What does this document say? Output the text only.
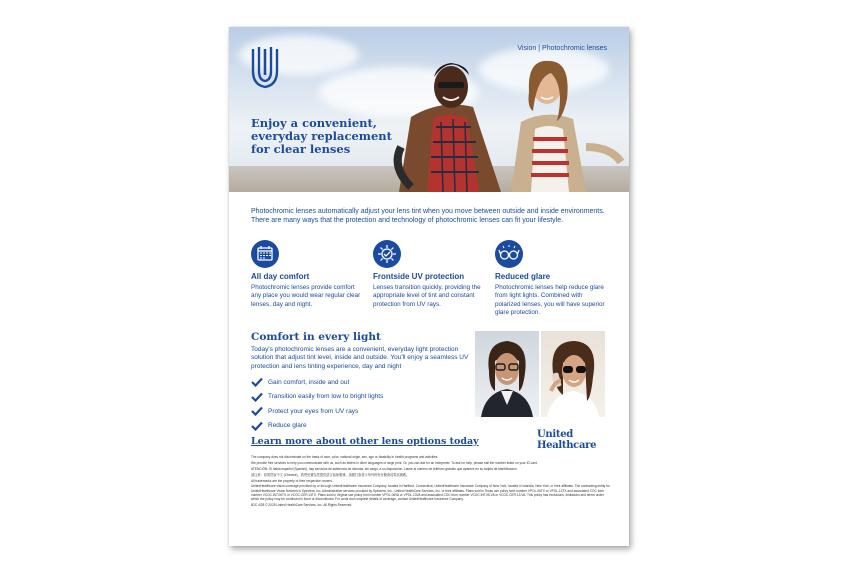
Vision | Photochromic lenses
Enjoy a convenient, everyday replacement for clear lenses
Photochromic lenses automatically adjust your lens tint when you move between outside and inside environments. There are many ways that the protection and technology of photochromic lenses can fit your lifestyle.
All day comfort

Photochromic lenses provide comfort any place you would wear regular clear lenses, day and night.

Frontside UV protection

Lenses transition quickly, providing the appropriate level of tint and constant protection from UV rays.

Reduced glare

Photochromic lenses help reduce glare from light lights. Combined with polarized lenses, you will have superior glare protection.

Comfort in every light
Today's photochromic lenses are a convenient, everyday light protection solution that adjust tint level, inside and outside. You'll enjoy a seamless UV protection and lens tinting experience, day and night
Gain comfort, inside and out
Transition easily from low to bright lights
Protect your eyes from UV rays
Reduce glare
Learn more about other lens options today
United
Healthcare

The company does not discriminate on the basis of race, color, national origin, sex, age or disability in health programs and activities.

We provide free services to help you communicate with us, such as letters in other languages or large print. Or, you can ask for an interpreter. To ask for help, please call the number listed on your ID card.

ATENCIÓN: Si habla español (Spanish), hay servicios de asistencia de idiomas, sin cargo, a su disposición. Llame al número de teléfono gratuito que aparece en su tarjeta de identificación.

請注意：如果您說中文 (Chinese)，我們免費為您提供語言協助服務。請撥打會員卡所列的免付費會員電話號碼。

All trademarks are the property of their respective owners.

UnitedHealthcare vision coverage provided by or through UnitedHealthcare Insurance Company, located in Hartford, Connecticut, UnitedHealthcare Insurance Company of New York, located in Islandia, New York, or their affiliates. The contracting entity for UnitedHealthcare Vision Network is Spectera, Inc. Administrative services provided by Spectera, Inc., United HealthCare Services, Inc. or their affiliates. Plans sold in Texas use policy form number VPOL.06TX or VPOL.13TX and associated COC form number VCOC.INT.06TX or VCOC.CER.13TX. Plans sold in Virginia use policy form number VPOL.06VA or VPOL.13VA and associated COC form number VCOC.INT.06.VA or VCOC.CER.13.VA. This policy has exclusions, limitations and terms under which the policy may be continued in force or discontinued. For costs and complete details of coverage, contact UnitedHealthcare Insurance Company.

B2C 4/25 © 2025 United HealthCare Services, Inc. All Rights Reserved.
